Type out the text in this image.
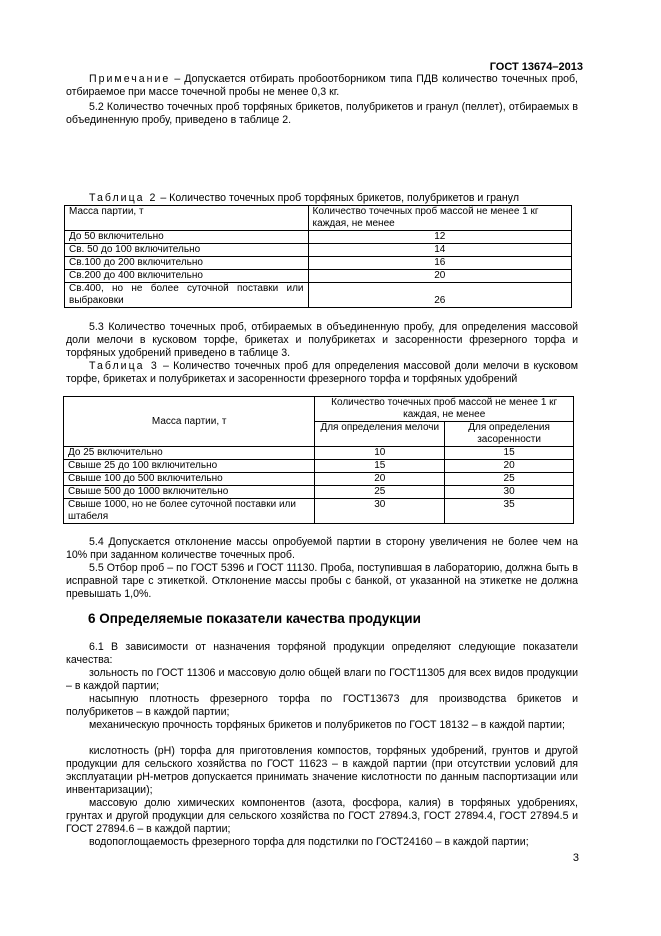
ГОСТ 13674–2013
Примечание – Допускается отбирать пробоотборником типа ПДВ количество точечных проб, отбираемое при массе точечной пробы не менее 0,3 кг.
5.2 Количество точечных проб торфяных брикетов, полубрикетов и гранул (пеллет), отбираемых в объединенную пробу, приведено в таблице 2.
Таблица 2 – Количество точечных проб торфяных брикетов, полубрикетов и гранул
Масса партии, т	Количество точечных проб массой не менее 1 кг каждая, не менее
До 50 включительно	12
Св. 50 до 100 включительно	14
Св.100 до 200 включительно	16
Св.200 до 400 включительно	20
Св.400, но не более суточной поставки или выбраковки	26
5.3 Количество точечных проб, отбираемых в объединенную пробу, для определения массовой доли мелочи в кусковом торфе, брикетах и полубрикетах и засоренности фрезерного торфа и торфяных удобрений приведено в таблице 3.
Таблица 3 – Количество точечных проб для определения массовой доли мелочи в кусковом торфе, брикетах и полубрикетах и засоренности фрезерного торфа и торфяных удобрений
Масса партии, т	Количество точечных проб массой не менее 1 кг каждая, не менее	
	Для определения мелочи	Для определения засоренности
До 25 включительно	10	15
Свыше 25 до 100 включительно	15	20
Свыше 100 до 500 включительно	20	25
Свыше 500 до 1000 включительно	25	30
Свыше 1000, но не более суточной поставки или штабеля	30	35
5.4 Допускается отклонение массы опробуемой партии в сторону увеличения не более чем на 10% при заданном количестве точечных проб.
5.5 Отбор проб – по ГОСТ 5396 и ГОСТ 11130. Проба, поступившая в лабораторию, должна быть в исправной таре с этикеткой. Отклонение массы пробы с банкой, от указанной на этикетке не должна превышать 1,0%.
6 Определяемые показатели качества продукции
6.1 В зависимости от назначения торфяной продукции определяют следующие показатели качества:
зольность по ГОСТ 11306 и массовую долю общей влаги по ГОСТ11305 для всех видов продукции – в каждой партии;
насыпную плотность фрезерного торфа по ГОСТ13673 для производства брикетов и полубрикетов – в каждой партии;
механическую прочность торфяных брикетов и полубрикетов по ГОСТ 18132 – в каждой партии;
кислотность (pH) торфа для приготовления компостов, торфяных удобрений, грунтов и другой продукции для сельского хозяйства по ГОСТ 11623 – в каждой партии (при отсутствии условий для эксплуатации pH-метров допускается принимать значение кислотности по данным паспортизации или инвентаризации);
массовую долю химических компонентов (азота, фосфора, калия) в торфяных удобрениях, грунтах и другой продукции для сельского хозяйства по ГОСТ 27894.3, ГОСТ 27894.4, ГОСТ 27894.5 и ГОСТ 27894.6 – в каждой партии;
водопоглощаемость фрезерного торфа для подстилки по ГОСТ24160 – в каждой партии;
3
